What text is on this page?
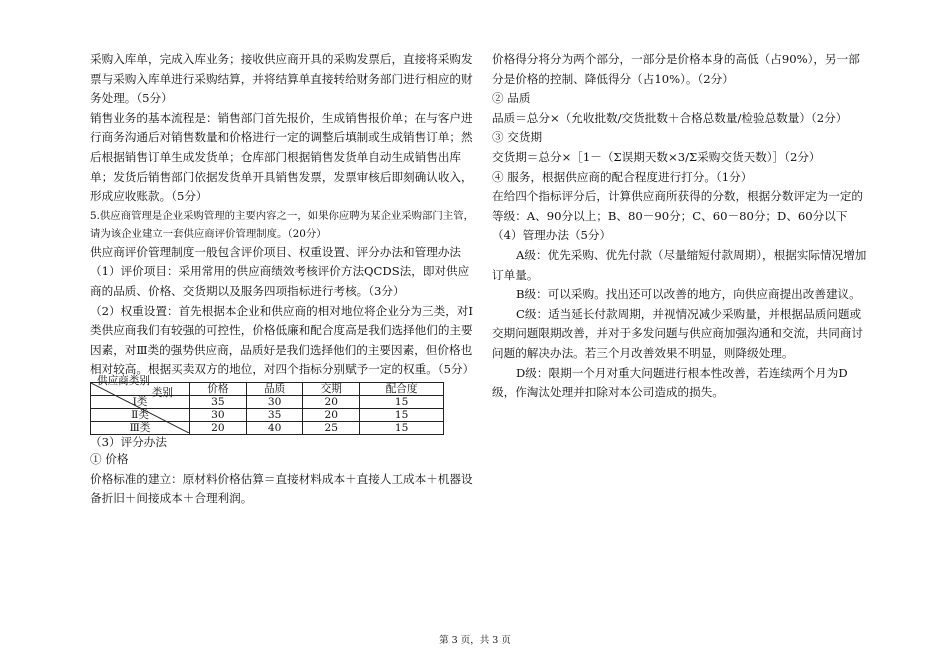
采购入库单，完成入库业务；接收供应商开具的采购发票后，直接将采购发票与采购入库单进行采购结算，并将结算单直接转给财务部门进行相应的财务处理。（5分）

销售业务的基本流程是：销售部门首先报价，生成销售报价单；在与客户进行商务沟通后对销售数量和价格进行一定的调整后填制或生成销售订单；然后根据销售订单生成发货单；仓库部门根据销售发货单自动生成销售出库单；发货后销售部门依据发货单开具销售发票，发票审核后即刻确认收入，形成应收账款。（5分）

5.供应商管理是企业采购管理的主要内容之一，如果你应聘为某企业采购部门主管，请为该企业建立一套供应商评价管理制度。（20分）

供应商评价管理制度一般包含评价项目、权重设置、评分办法和管理办法

（1）评价项目：采用常用的供应商绩效考核评价方法QCDS法，即对供应商的品质、价格、交货期以及服务四项指标进行考核。（3分）

（2）权重设置：首先根据本企业和供应商的相对地位将企业分为三类，对Ⅰ类供应商我们有较强的可控性，价格低廉和配合度高是我们选择他们的主要因素，对Ⅲ类的强势供应商，品质好是我们选择他们的主要因素，但价格也相对较高。根据买卖双方的地位，对四个指标分别赋予一定的权重。（5分）

类别
供应商类别	价格	品质	交期	配合度
Ⅰ类	35	30	20	15
Ⅱ类	30	35	20	15
Ⅲ类	20	40	25	15

（3）评分办法

① 价格

价格标准的建立：原材料价格估算＝直接材料成本＋直接人工成本＋机器设备折旧＋间接成本＋合理利润。

价格得分将分为两个部分，一部分是价格本身的高低（占90%），另一部分是价格的控制、降低得分（占10%）。（2分）

② 品质

品质＝总分×（允收批数/交货批数＋合格总数量/检验总数量）（2分）

③ 交货期

交货期＝总分×［1－（Σ误期天数×3/Σ采购交货天数）］（2分）

④ 服务，根据供应商的配合程度进行打分。（1分）

在给四个指标评分后，计算供应商所获得的分数，根据分数评定为一定的等级：A、90分以上；B、80－90分；C、60－80分；D、60分以下

（4）管理办法（5分）

A级：优先采购、优先付款（尽量缩短付款周期），根据实际情况增加订单量。

B级：可以采购。找出还可以改善的地方，向供应商提出改善建议。

C级：适当延长付款周期，并视情况减少采购量，并根据品质问题或交期问题限期改善，并对于多发问题与供应商加强沟通和交流，共同商讨问题的解决办法。若三个月改善效果不明显，则降级处理。

D级：限期一个月对重大问题进行根本性改善，若连续两个月为D级，作淘汰处理并扣除对本公司造成的损失。

第 3 页，共 3 页
